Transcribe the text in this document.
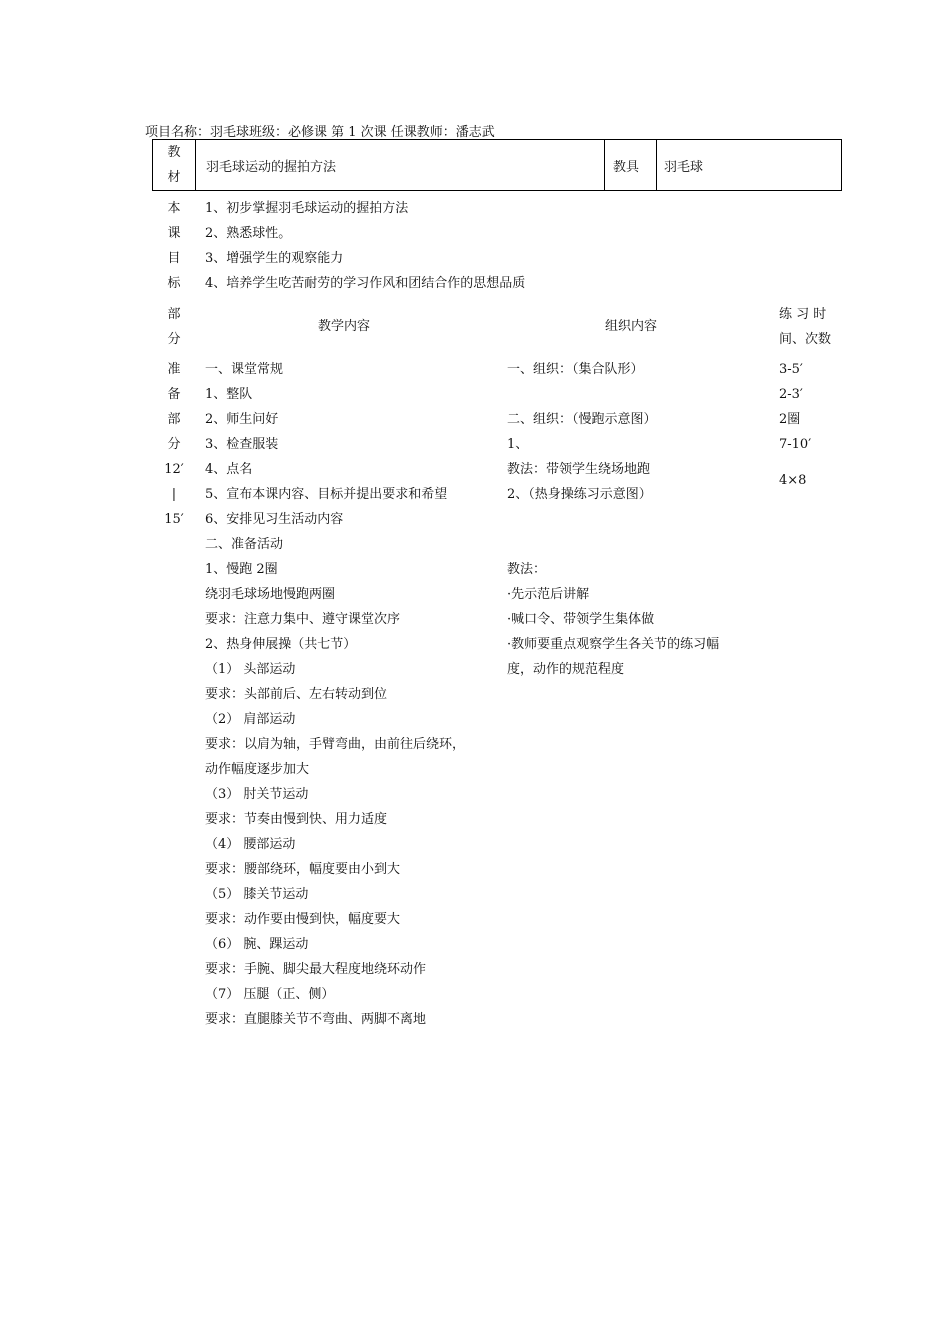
项目名称：羽毛球班级：必修课 第 1 次课 任课教师：潘志武
教
材
羽毛球运动的握拍方法	教具 羽毛球
本
课
目
标
1、初步掌握羽毛球运动的握拍方法
2、熟悉球性。
3、增强学生的观察能力
4、培养学生吃苦耐劳的学习作风和团结合作的思想品质
部
分
教学内容	组织内容
练 习 时
间、次数
准
备
部
分
12′
|
15′
一、课堂常规
1、整队
2、师生问好
3、检查服装
4、点名
5、宣布本课内容、目标并提出要求和希望
6、安排见习生活动内容
二、准备活动
1、慢跑 2圈
绕羽毛球场地慢跑两圈
要求：注意力集中、遵守课堂次序
2、热身伸展操（共七节）
（1） 头部运动
要求：头部前后、左右转动到位
（2） 肩部运动
要求：以肩为轴，手臂弯曲，由前往后绕环，
动作幅度逐步加大
（3） 肘关节运动
要求：节奏由慢到快、用力适度
（4） 腰部运动
要求：腰部绕环，幅度要由小到大
（5） 膝关节运动
要求：动作要由慢到快，幅度要大
（6） 腕、踝运动
要求：手腕、脚尖最大程度地绕环动作
（7） 压腿（正、侧）
要求：直腿膝关节不弯曲、两脚不离地
一、组织：（集合队形）
二、组织：（慢跑示意图）
1、
教法：带领学生绕场地跑
2、（热身操练习示意图）
教法：
·先示范后讲解
·喊口令、带领学生集体做
·教师要重点观察学生各关节的练习幅
度，动作的规范程度
3-5′
2-3′
2圈
7-10′
4×8
